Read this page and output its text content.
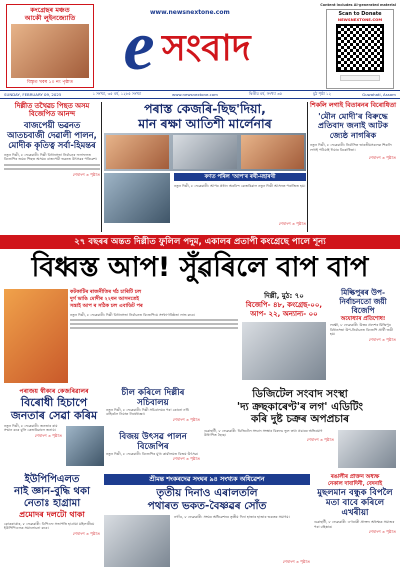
কংগ্ৰেছৰ মঞ্চত
আকৌ লুইনজ্যোতি
বিস্তৃত খবৰ ১০ নং পৃষ্ঠাত
www.newsnextone.com
e সংবাদ
Content includes AI-generated material
Scan to Donate
NEWSNEXTONE.COM
SUNDAY, FEBRUARY 09, 2025	১ সংখ্যা, ৩৫ বৰ্ষ, ১২৮৫ সংখ্যা	www.newsnextone.com	দ্বিতীয় বৰ্ষ, সংখ্যা ৩৫	মুঠ পৃষ্ঠা ১২	Guwahati, Assam
দিল্লীত তথৈৱচ পিছত অসম বিজেপিত আনন্দ
বাজপেয়ী ভৱনত আতচবাজী দেৱালী পালন, মোদীক কৃতিত্ব সৰ্বা-হিমন্তৰ
নতুন দিল্লী, ৮ ফেব্ৰুৱাৰী: দিল্লী বিধানসভা নিৰ্বাচনৰ ফলাফলত বিজেপিৰ জয়ৰ পিছত অসমৰ বাজপেয়ী ভৱনত উৎসৱৰ পৰিৱেশ।
শেষাংশ ৩ পৃষ্ঠাত
পৰাস্ত কেজৰি-ছিছ'দিয়া,
মান ৰক্ষা আতিশী মাৰ্লেনাৰ
কণত পৰিল 'আপ'ৰ ৰথী-মহাৰথী
নতুন দিল্লী, ৮ ফেব্ৰুৱাৰী: আপৰ প্ৰধান অৰবিন্দ কেজৰিৱাল নতুন দিল্লী আসনত পৰাজিত হয়।
শেষাংশ ৩ পৃষ্ঠাত
শিকলি লগাই বিতাৰনৰ বিৰোধিতা
'মৌন মোদী'ৰ বিৰুদ্ধে প্ৰতিবাদ জনাই আটক জ্যেষ্ঠ নাগৰিক
নতুন দিল্লী, ৮ ফেব্ৰুৱাৰী: নিৰ্বাসিত ভাৰতীয়সকলক শিকলি লগাই পঠিয়াই দিয়াৰ বিৰোধিতা।
শেষাংশ ৩ পৃষ্ঠাত
২৭ বছৰৰ অন্তত দিল্লীত ফুলিল পদুম, একালৰ প্ৰতাপী কংগ্ৰেছে পালে শূন্য
বিধ্বস্ত আপ! সুঁৱৰিলে বাপ বাপ
কটকাটিৰ ৰাজনীতিৰ ৰ্থঠ চাৰিটি চল
দুৰ্গ ভাঙি মোদীৰ ২২ষন আসনতেই
সন্ত্ৰাই আপ ৰ সঠিক চল এবাডিট পৰ
নতুন দিল্লী, ৮ ফেব্ৰুৱাৰী: দিল্লী বিধানসভা নিৰ্বাচনত বিজেপিয়ে সংখ্যাগৰিষ্ঠতা লাভ কৰে।
দিল্লী, মুঠ: ৭০
বিজেপি- ৪৮, কংগ্ৰেছ-০০,
আপ- ২২, অন্যান্য- ০০
মিল্কিপুৰৰ উপ-নিৰ্বাচনতো জয়ী বিজেপি
অযোধ্যাৰ প্ৰতিশোধ!
লক্ষ্ণৌ, ৮ ফেব্ৰুৱাৰী: উত্তৰ প্ৰদেশৰ মিল্কিপুৰ বিধানসভা উপ-নিৰ্বাচনত বিজেপি প্ৰাৰ্থী জয়ী হয়।
শেষাংশ ৩ পৃষ্ঠাত
পৰাজয় স্বীকাৰ কেজৰিৱালৰ
বিৰোধী হিচাপে
জনতাৰ সেৱা কৰিম
নতুন দিল্লী, ৮ ফেব্ৰুৱাৰী: জনতাৰ ৰায় সন্মান কৰে বুলি কেজৰিৱালে জনায়।
শেষাংশ ৩ পৃষ্ঠাত
চীল কৰিলে দিল্লীৰ সচিবালয়
নতুন দিল্লী, ৮ ফেব্ৰুৱাৰী: দিল্লী সচিবালয়ৰ পৰা কোনো নথি বাহিৰলৈ নিয়াত নিষেধাজ্ঞা।
শেষাংশ ৩ পৃষ্ঠাত
বিজয় উৎসৱ পালন বিজেপিৰ
নতুন দিল্লী, ৮ ফেব্ৰুৱাৰী: বিজেপিৰ মুখ্য কাৰ্যালয়ত বিজয় উৎসৱ।
শেষাংশ ৩ পৃষ্ঠাত
ডিজিটেল সংবাদ সংস্থা
'দ্য ক্ৰছকাৰেণ্ট'ৰ লগ' এডিটিং
কৰি দুষ্ট চক্ৰৰ অপপ্ৰচাৰ
গুৱাহাটী, ৮ ফেব্ৰুৱাৰী: ডিজিটেল সংবাদ সংস্থাৰ বিৰুদ্ধে ভুল তথ্য প্ৰচাৰৰ অভিযোগ উত্থাপিত হৈছে।
শেষাংশ ৩ পৃষ্ঠাত
ইউপিপিএলত
নাই জ্ঞান-বুদ্ধি থকা
নেতাঃ হাগ্ৰামা
প্ৰমোদৰ দলটো থাকা
কোকৰাঝাৰ, ৮ ফেব্ৰুৱাৰী: বিপিএফ সভাপতি হাগ্ৰামা মহিলাৰীয়ে ইউপিপিএলক সমালোচনা কৰে।
শেষাংশ ৩ পৃষ্ঠাত
শ্ৰীমন্ত শংকৰদেৱ সংঘৰ ৯৪ সংখ্যক অধিৱেশন
তৃতীয় দিনাও এৰালতলি
পথাৰত ভকত-বৈষ্ণৱৰ সোঁত
নগাঁও, ৮ ফেব্ৰুৱাৰী: সংঘৰ অধিৱেশনৰ তৃতীয় দিনা হাজাৰ হাজাৰ ভকতৰ সমাগম।
শেষাংশ ৩ পৃষ্ঠাত
ৰঙালীৰ প্ৰাক্তন অধ্যক্ষ
নেকাল দাবাদিনী, বেদনাই
মুছলমান বন্ধুক বিপলৈ মতা বাবে কৰিলে এখৰীয়া
গুৱাহাটী, ৮ ফেব্ৰুৱাৰী: এগৰাকী প্ৰাক্তন অধ্যক্ষক সমাজৰ পৰা বহিষ্কাৰ।
শেষাংশ ৩ পৃষ্ঠাত
